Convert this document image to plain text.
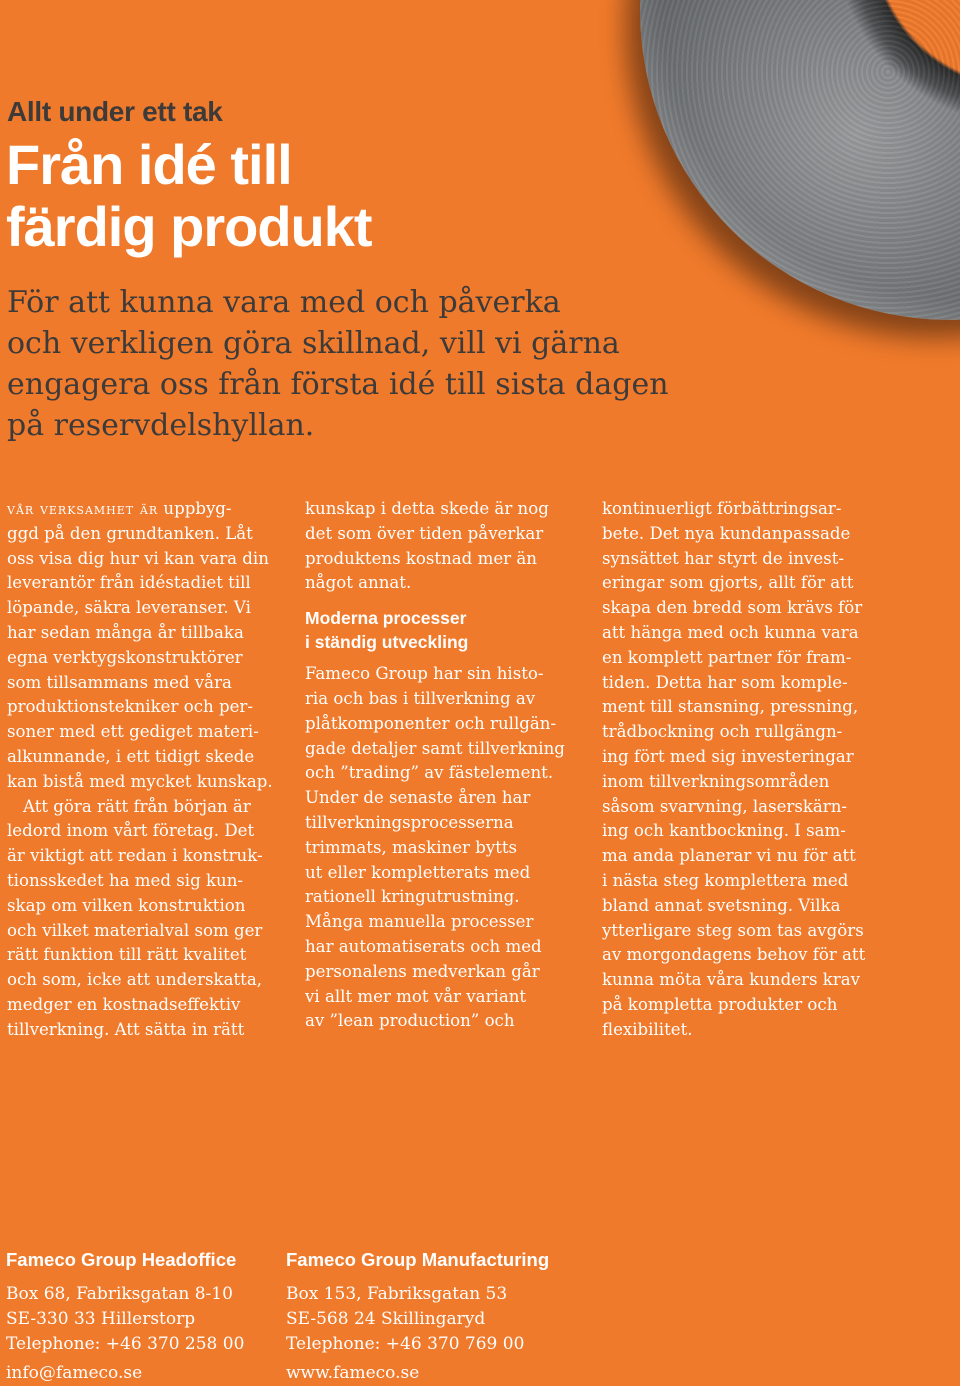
Allt under ett tak
Från idé till
färdig produkt

För att kunna vara med och påverka
och verkligen göra skillnad, vill vi gärna
engagera oss från första idé till sista dagen
på reservdelshyllan.

vår verksamhet är uppbyg-
ggd på den grundtanken. Låt
oss visa dig hur vi kan vara din
leverantör från idéstadiet till
löpande, säkra leveranser. Vi
har sedan många år tillbaka
egna verktygskonstruktörer
som tillsammans med våra
produktionstekniker och per-
soner med ett gediget materi-
alkunnande, i ett tidigt skede
kan bistå med mycket kunskap.
Att göra rätt från början är
ledord inom vårt företag. Det
är viktigt att redan i konstruk-
tionsskedet ha med sig kun-
skap om vilken konstruktion
och vilket materialval som ger
rätt funktion till rätt kvalitet
och som, icke att underskatta,
medger en kostnadseffektiv
tillverkning. Att sätta in rätt
kunskap i detta skede är nog
det som över tiden påverkar
produktens kostnad mer än
något annat.
Moderna processer
i ständig utveckling
Fameco Group har sin histo-
ria och bas i tillverkning av
plåtkomponenter och rullgän-
gade detaljer samt tillverkning
och ”trading” av fästelement.
Under de senaste åren har
tillverkningsprocesserna
trimmats, maskiner bytts
ut eller kompletterats med
rationell kringutrustning.
Många manuella processer
har automatiserats och med
personalens medverkan går
vi allt mer mot vår variant
av ”lean production” och
kontinuerligt förbättringsar-
bete. Det nya kundanpassade
synsättet har styrt de invest-
eringar som gjorts, allt för att
skapa den bredd som krävs för
att hänga med och kunna vara
en komplett partner för fram-
tiden. Detta har som komple-
ment till stansning, pressning,
trådbockning och rullgängn-
ing fört med sig investeringar
inom tillverkningsområden
såsom svarvning, laserskärn-
ing och kantbockning. I sam-
ma anda planerar vi nu för att
i nästa steg komplettera med
bland annat svetsning. Vilka
ytterligare steg som tas avgörs
av morgondagens behov för att
kunna möta våra kunders krav
på kompletta produkter och
flexibilitet.
Fameco Group Headoffice
Box 68, Fabriksgatan 8-10
SE-330 33 Hillerstorp
Telephone: +46 370 258 00
info@fameco.se
Fameco Group Manufacturing
Box 153, Fabriksgatan 53
SE-568 24 Skillingaryd
Telephone: +46 370 769 00
www.fameco.se
